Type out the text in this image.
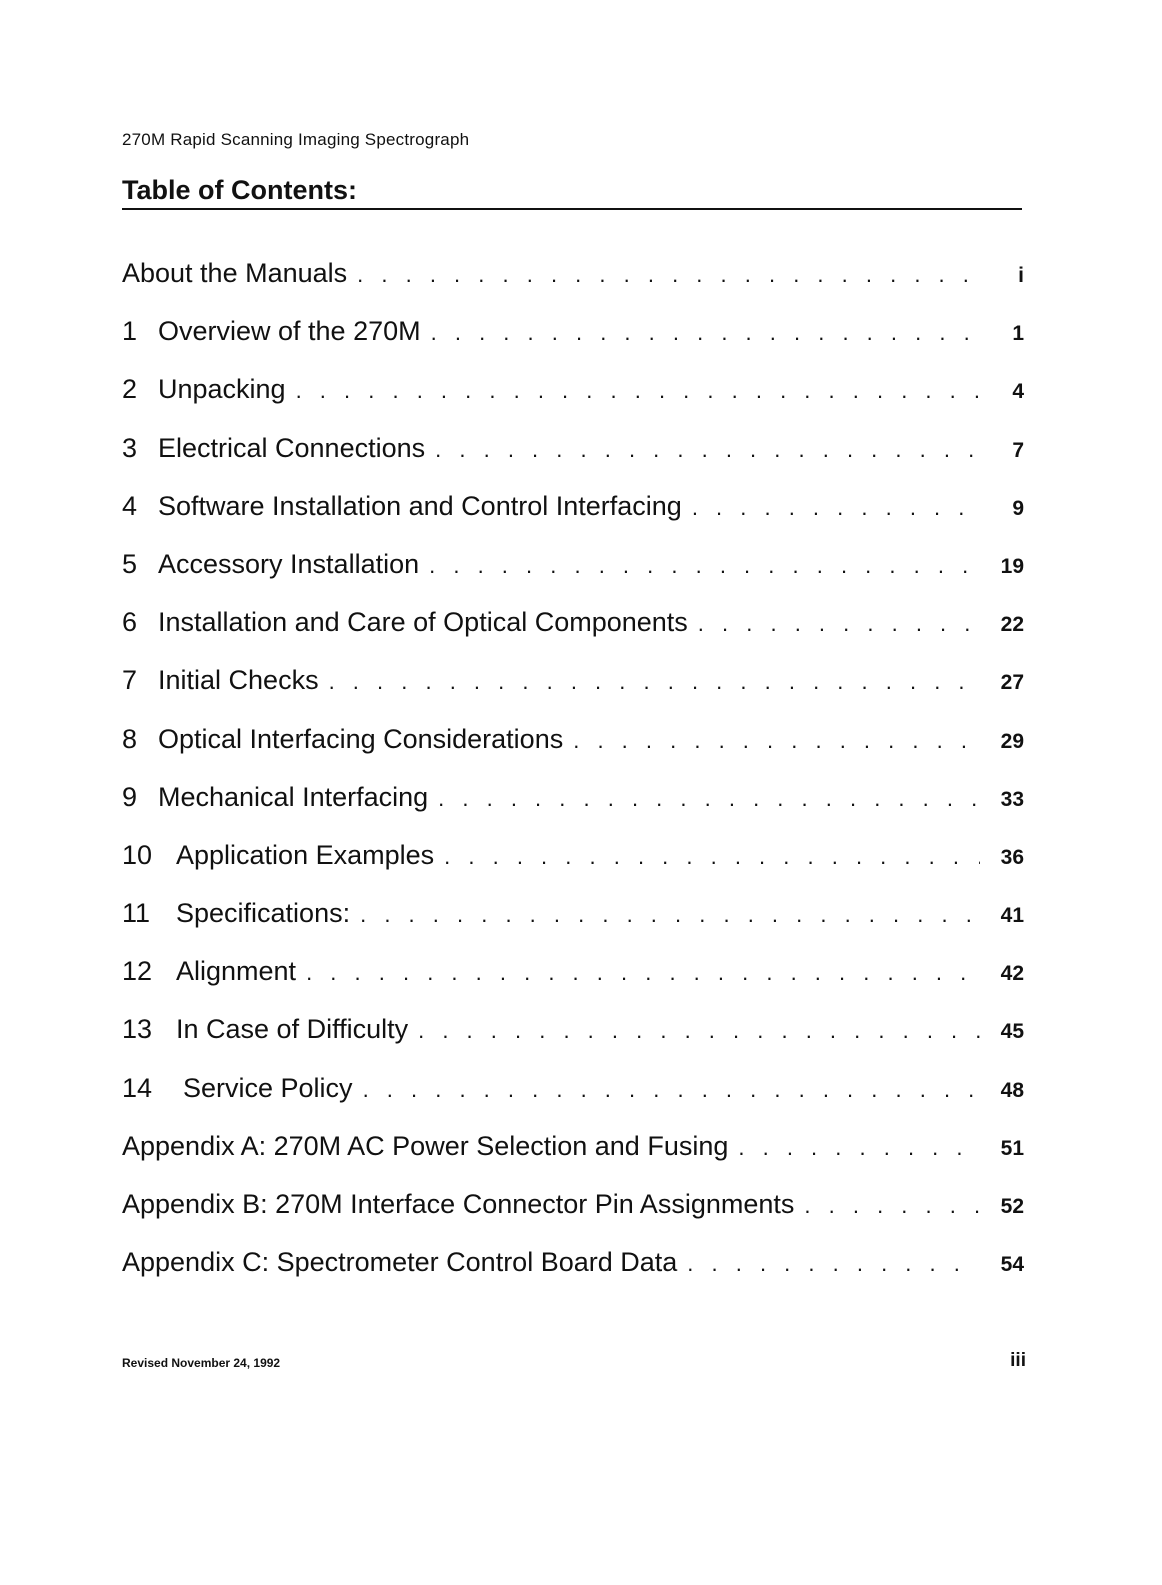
270M Rapid Scanning Imaging Spectrograph
Table of Contents:
About the Manuals . . .	i
1 Overview of the 270M . . .	1
2 Unpacking . . .	4
3 Electrical Connections . . .	7
4 Software Installation and Control Interfacing . . .	9
5 Accessory Installation . . .	19
6 Installation and Care of Optical Components . . .	22
7 Initial Checks . . .	27
8 Optical Interfacing Considerations . . .	29
9 Mechanical Interfacing . . .	33
10 Application Examples . . .	36
11 Specifications: . . .	41
12 Alignment . . .	42
13 In Case of Difficulty . . .	45
14	Service Policy . . .	48
Appendix A: 270M AC Power Selection and Fusing . . .	51
Appendix B: 270M Interface Connector Pin Assignments . . .	52
Appendix C: Spectrometer Control Board Data . . .	54
Revised November 24, 1992	iii
